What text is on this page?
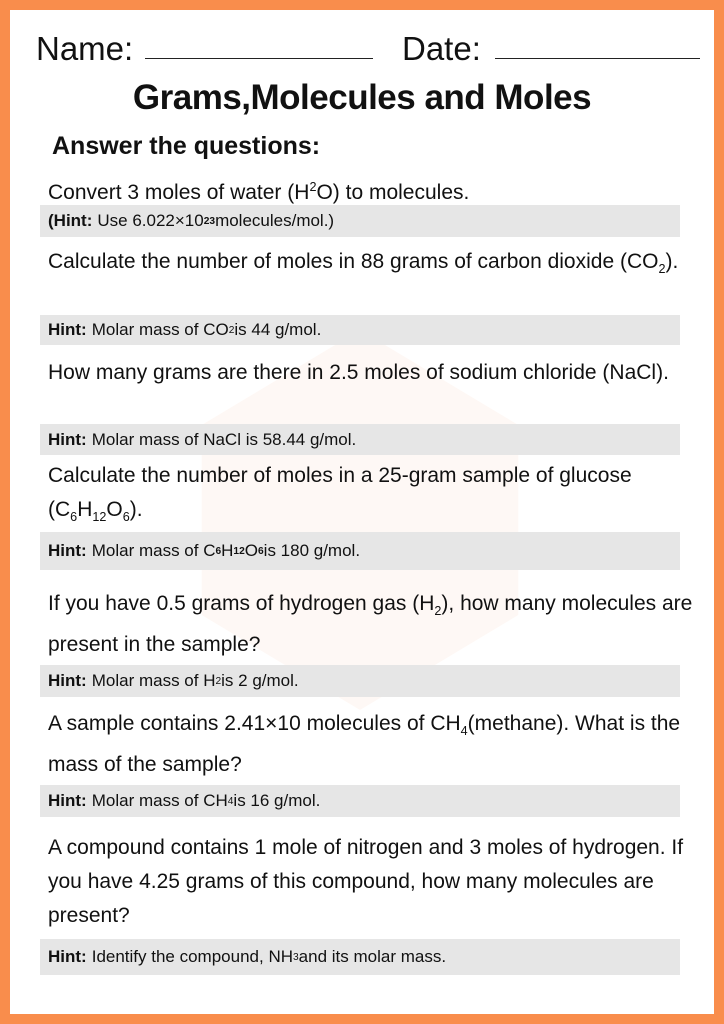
Name:	Date:
Grams,Molecules and Moles
Answer the questions:
Convert 3 moles of water $(H^2O)$ to molecules.
(Hint: Use 6.022×10 23 molecules/mol.)
Calculate the number of moles in 88 grams of carbon dioxide $(CO_2)$.
Hint: Molar mass of CO 2 is 44 g/mol.
How many grams are there in 2.5 moles of sodium chloride (NaCl).
Hint: Molar mass of NaCl is 58.44 g/mol.
Calculate the number of moles in a 25-gram sample of glucose $(C_6H_{12}O_6)$.
Hint: Molar mass of C 6 H 12 O 6 is 180 g/mol.
If you have 0.5 grams of hydrogen gas $(H_2)$, how many molecules are present in the sample?
Hint: Molar mass of H 2 is 2 g/mol.
A sample contains 2.41×10 molecules of $CH_4(methane)$. What is the mass of the sample?
Hint: Molar mass of CH 4 is 16 g/mol.
A compound contains 1 mole of nitrogen and 3 moles of hydrogen. If you have 4.25 grams of this compound, how many molecules are present?
Hint: Identify the compound, NH 3 and its molar mass.
